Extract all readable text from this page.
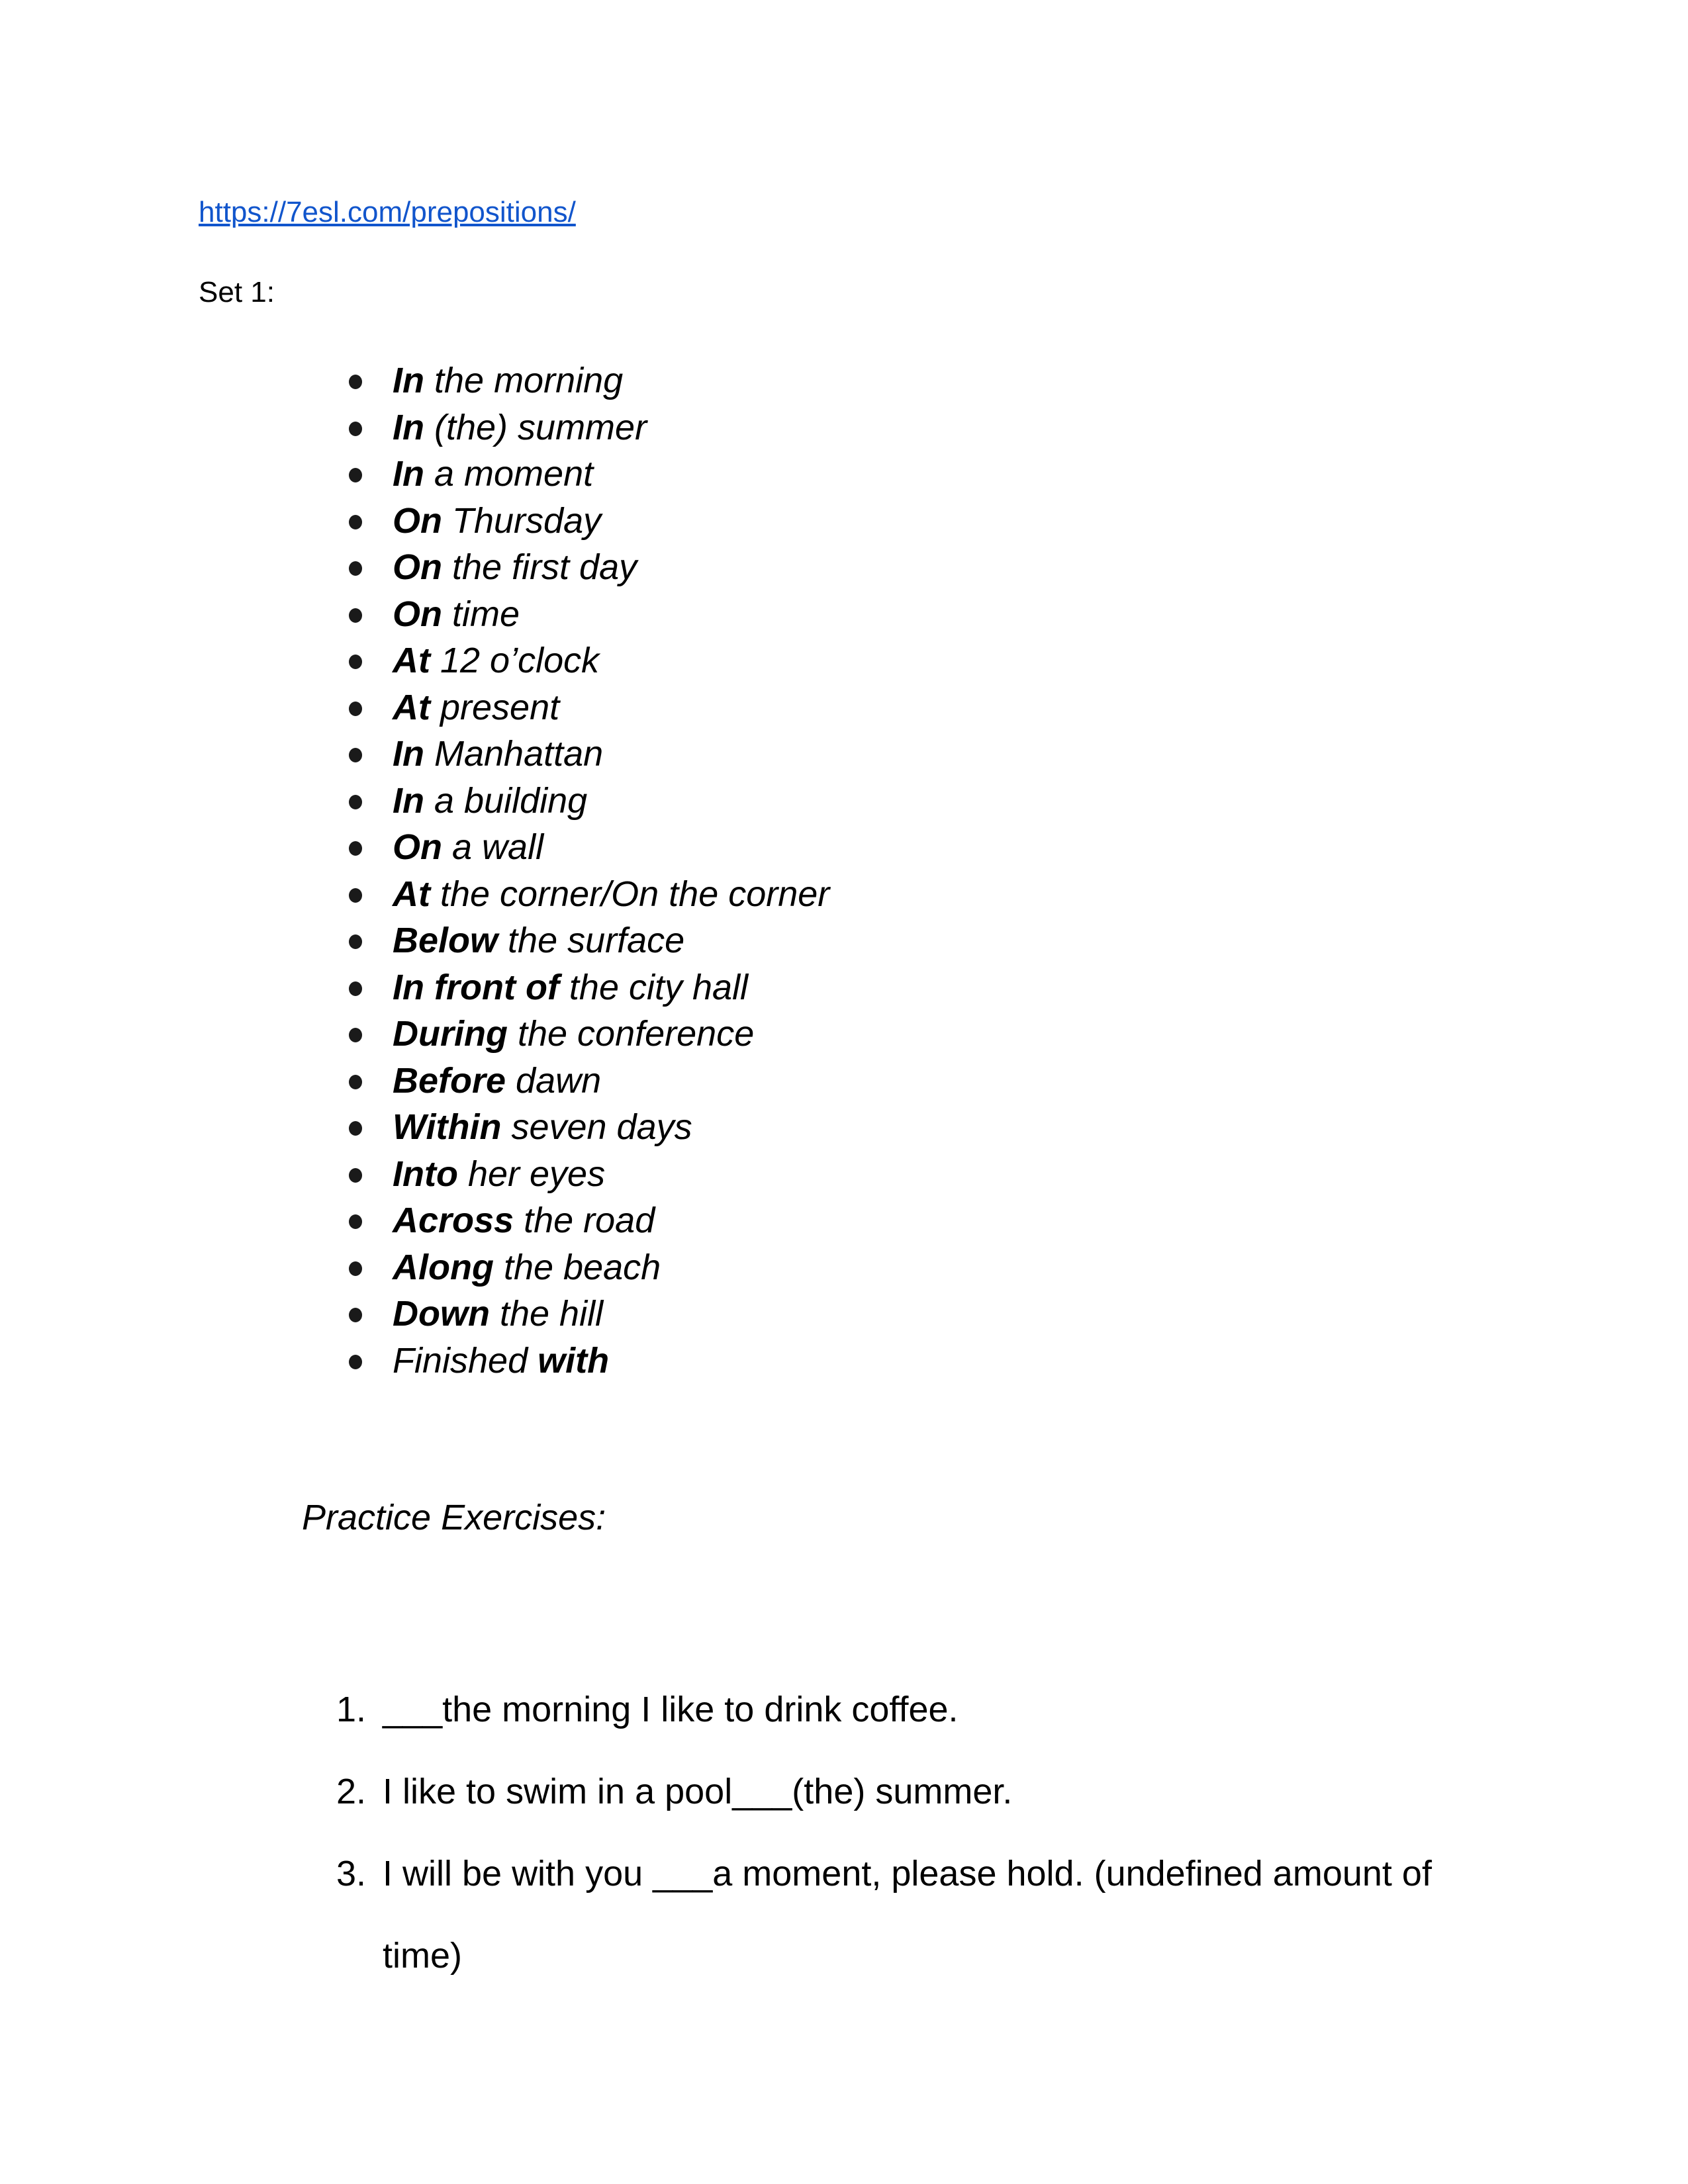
https://7esl.com/prepositions/
Set 1:
In the morning
In (the) summer
In a moment
On Thursday
On the first day
On time
At 12 o’clock
At present
In Manhattan
In a building
On a wall
At the corner/On the corner
Below the surface
In front of the city hall
During the conference
Before dawn
Within seven days
Into her eyes
Across the road
Along the beach
Down the hill
Finished with
Practice Exercises:
1. ___the morning I like to drink coffee.
2. I like to swim in a pool___(the) summer.
3. I will be with you ___a moment, please hold. (undefined amount of time)
